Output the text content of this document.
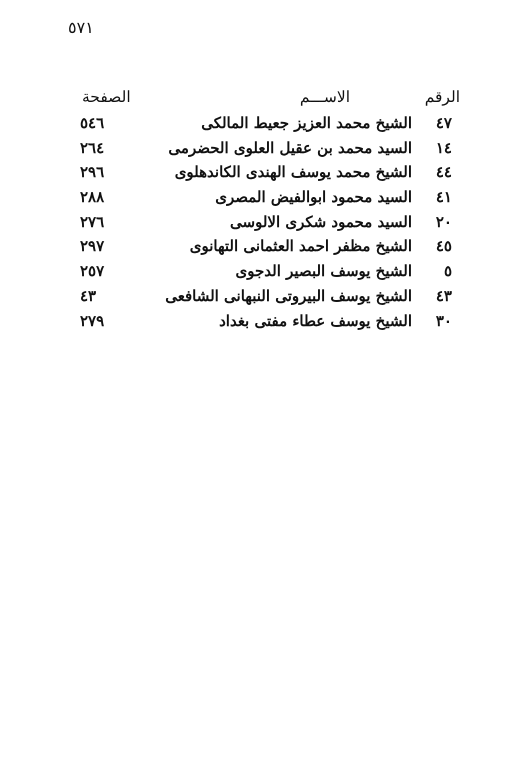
٥٧١
الرقم
الاســـم
الصفحة
٤٧
الشيخ محمد العزيز جعيط المالكى
٥٤٦
١٤
السيد محمد بن عقيل العلوى الحضرمى
٢٦٤
٤٤
الشيخ محمد يوسف الهندى الكاندهلوى
٢٩٦
٤١
السيد محمود ابوالفيض المصرى
٢٨٨
٢٠
السيد محمود شكرى الالوسى
٢٧٦
٤٥
الشيخ مظفر احمد العثمانى التهانوى
٢٩٧
٥
الشيخ يوسف البصير الدجوى
٢٥٧
٤٣
الشيخ يوسف البيروتى النبهانى الشافعى
٤٣
٣٠
الشيخ يوسف عطاء مفتى بغداد
٢٧٩
